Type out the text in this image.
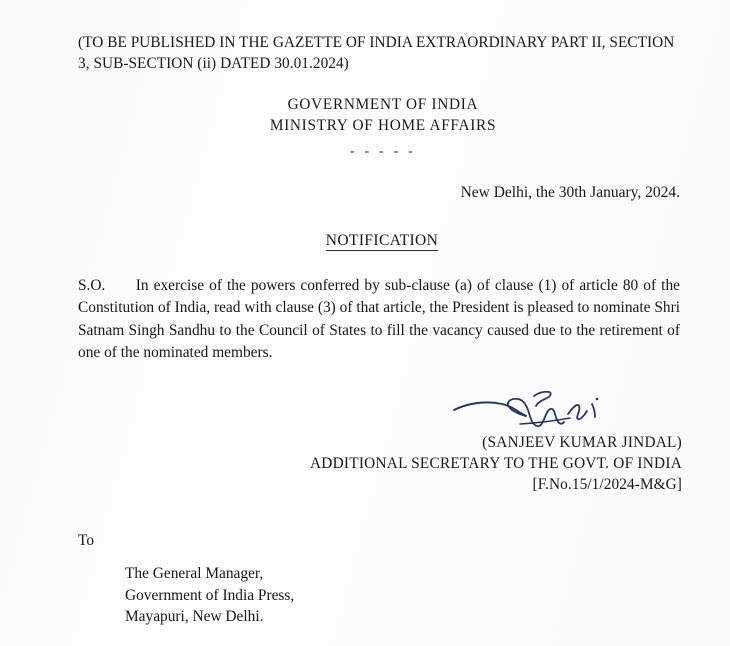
(TO BE PUBLISHED IN THE GAZETTE OF INDIA EXTRAORDINARY PART II, SECTION 3, SUB-SECTION (ii) DATED 30.01.2024)
GOVERNMENT OF INDIA
MINISTRY OF HOME AFFAIRS
- - - - -
New Delhi, the 30th January, 2024.
NOTIFICATION
S.O. In exercise of the powers conferred by sub-clause (a) of clause (1) of article 80 of the Constitution of India, read with clause (3) of that article, the President is pleased to nominate Shri Satnam Singh Sandhu to the Council of States to fill the vacancy caused due to the retirement of one of the nominated members.
(SANJEEV KUMAR JINDAL)
ADDITIONAL SECRETARY TO THE GOVT. OF INDIA
[F.No.15/1/2024-M&G]
To
The General Manager,
Government of India Press,
Mayapuri, New Delhi.
